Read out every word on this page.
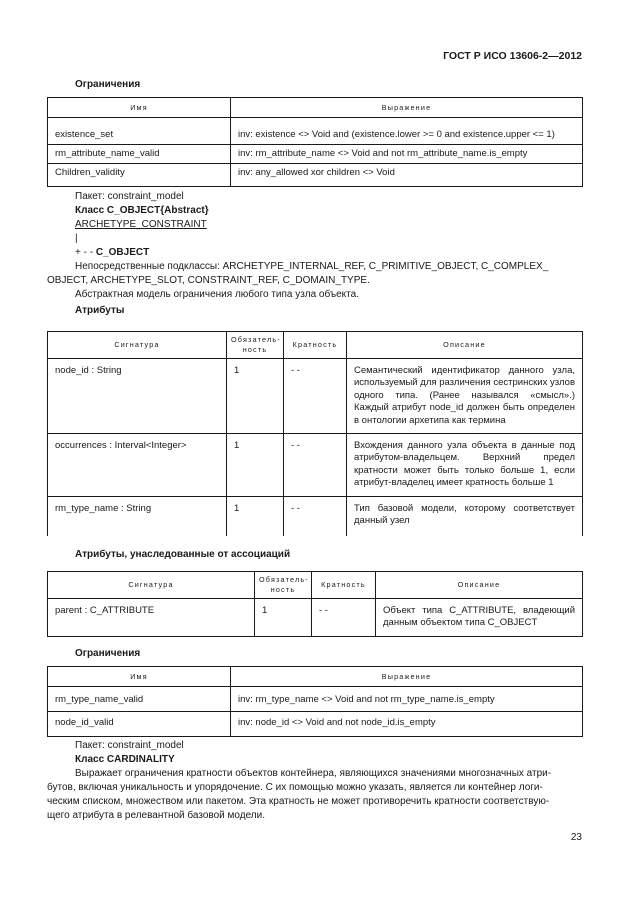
ГОСТ Р ИСО 13606-2—2012
Ограничения
Имя	Выражение

existence_set	inv: existence <> Void and (existence.lower >= 0 and existence.upper <= 1)
rm_attribute_name_valid	inv: rm_attribute_name <> Void and not rm_attribute_name.is_empty
Children_validity	inv: any_allowed xor children <> Void
Пакет: constraint_model
Класс C_OBJECT{Abstract}
ARCHETYPE_CONSTRAINT
|
+ - - C_OBJECT
Непосредственные подклассы: ARCHETYPE_INTERNAL_REF, C_PRIMITIVE_OBJECT, C_COMPLEX_
OBJECT, ARCHETYPE_SLOT, CONSTRAINT_REF, C_DOMAIN_TYPE.
Абстрактная модель ограничения любого типа узла объекта.
Атрибуты
Сигнатура	Обязатель-ность	Кратность	Описание
node_id : String	1	- -	Семантический идентификатор данного узла, используемый для различения сестринских узлов одного типа. (Ранее назывался «смысл».) Каждый атрибут node_id должен быть определен в онтологии архетипа как термина
occurrences : Interval<Integer>	1	- -	Вхождения данного узла объекта в данные под атрибутом-владельцем. Верхний предел кратности может быть только больше 1, если атрибут-владелец имеет кратность больше 1
rm_type_name : String	1	- -	Тип базовой модели, которому соответствует данный узел
Атрибуты, унаследованные от ассоциаций
Сигнатура	Обязатель-ность	Кратность	Описание
parent : C_ATTRIBUTE	1	- -	Объект типа C_ATTRIBUTE, владеющий данным объектом типа C_OBJECT
Ограничения
Имя	Выражение

rm_type_name_valid	inv: rm_type_name <> Void and not rm_type_name.is_empty
node_id_valid	inv: node_id <> Void and not node_id.is_empty
Пакет: constraint_model
Класс CARDINALITY
Выражает ограничения кратности объектов контейнера, являющихся значениями многозначных атри-
бутов, включая уникальность и упорядочение. С их помощью можно указать, является ли контейнер логи-
ческим списком, множеством или пакетом. Эта кратность не может противоречить кратности соответствую-
щего атрибута в релевантной базовой модели.
23
